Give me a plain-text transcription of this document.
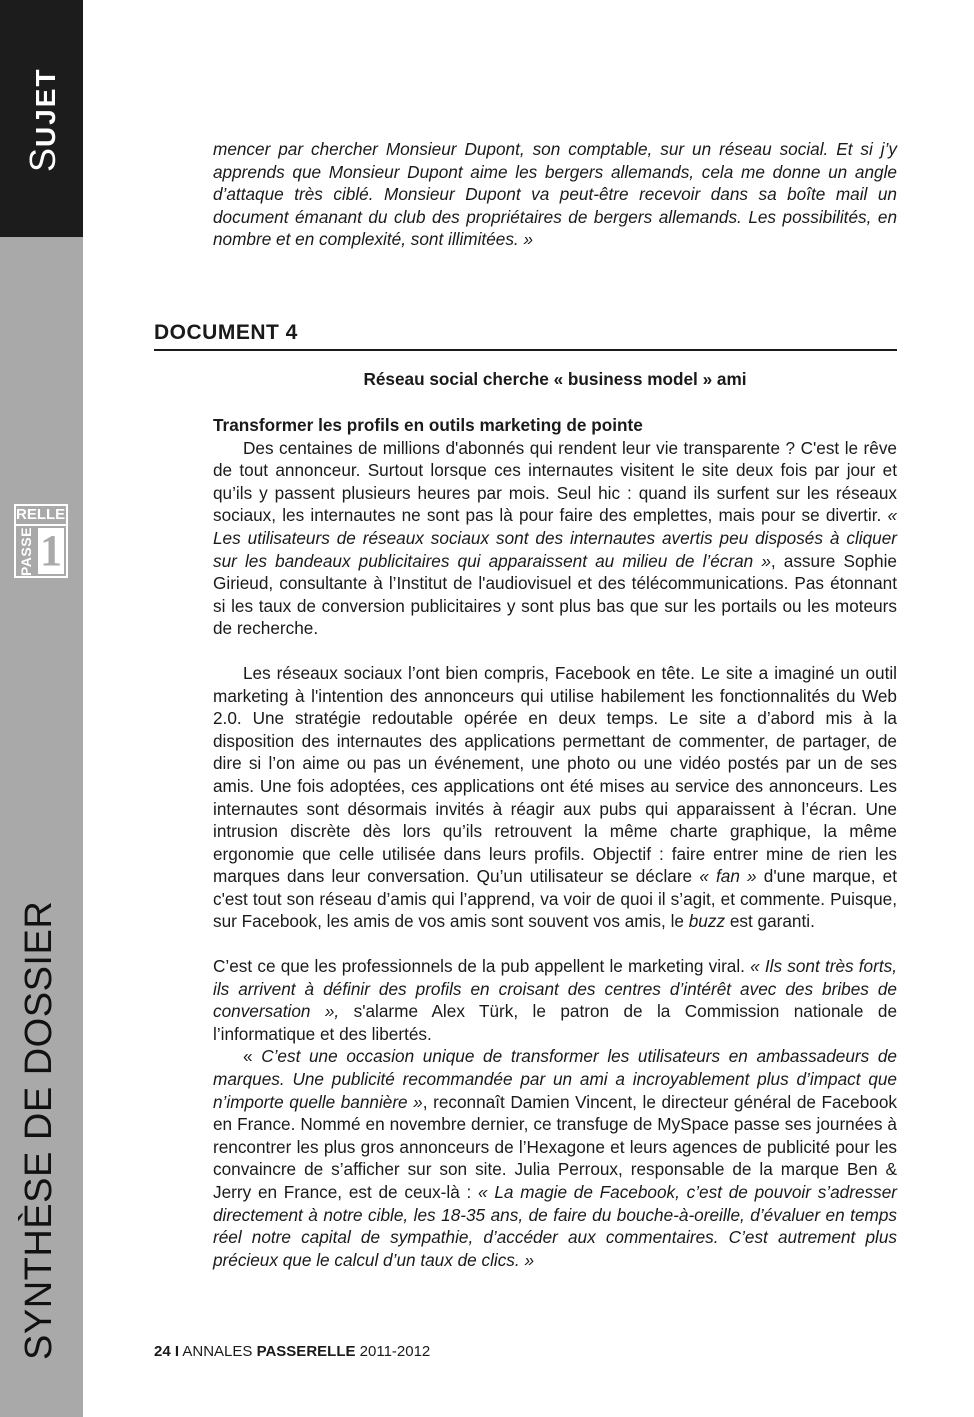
SUJET
RELLE
PASSE 1
SYNTHÈSE DE DOSSIER

mencer par chercher Monsieur Dupont, son comptable, sur un réseau social. Et si j’y apprends que Monsieur Dupont aime les bergers allemands, cela me donne un angle d’attaque très ciblé. Monsieur Dupont va peut-être recevoir dans sa boîte mail un document émanant du club des propriétaires de bergers allemands. Les possibilités, en nombre et en complexité, sont illimitées. »

DOCUMENT 4
Réseau social cherche « business model » ami

Transformer les profils en outils marketing de pointe

Des centaines de millions d'abonnés qui rendent leur vie transparente ? C'est le rêve de tout annonceur. Surtout lorsque ces internautes visitent le site deux fois par jour et qu’ils y passent plusieurs heures par mois. Seul hic : quand ils surfent sur les réseaux sociaux, les internautes ne sont pas là pour faire des emplettes, mais pour se divertir. « Les utilisateurs de réseaux sociaux sont des internautes avertis peu disposés à cliquer sur les bandeaux publicitaires qui apparaissent au milieu de l’écran », assure Sophie Girieud, consultante à l’Institut de l'audiovisuel et des télécommunications. Pas étonnant si les taux de conversion publicitaires y sont plus bas que sur les portails ou les moteurs de recherche.

Les réseaux sociaux l’ont bien compris, Facebook en tête. Le site a imaginé un outil marketing à l'intention des annonceurs qui utilise habilement les fonctionnalités du Web 2.0. Une stratégie redoutable opérée en deux temps. Le site a d’abord mis à la disposition des internautes des applications permettant de commenter, de partager, de dire si l’on aime ou pas un événement, une photo ou une vidéo postés par un de ses amis. Une fois adoptées, ces applications ont été mises au service des annonceurs. Les internautes sont désormais invités à réagir aux pubs qui apparaissent à l’écran. Une intrusion discrète dès lors qu’ils retrouvent la même charte graphique, la même ergonomie que celle utilisée dans leurs profils. Objectif : faire entrer mine de rien les marques dans leur conversation. Qu’un utilisateur se déclare « fan » d'une marque, et c'est tout son réseau d’amis qui l’apprend, va voir de quoi il s’agit, et commente. Puisque, sur Facebook, les amis de vos amis sont souvent vos amis, le buzz est garanti.

C’est ce que les professionnels de la pub appellent le marketing viral. « Ils sont très forts, ils arrivent à définir des profils en croisant des centres d’intérêt avec des bribes de conversation », s'alarme Alex Türk, le patron de la Commission nationale de l’informatique et des libertés.

« C’est une occasion unique de transformer les utilisateurs en ambassadeurs de marques. Une publicité recommandée par un ami a incroyablement plus d’impact que n’importe quelle bannière », reconnaît Damien Vincent, le directeur général de Facebook en France. Nommé en novembre dernier, ce transfuge de MySpace passe ses journées à rencontrer les plus gros annonceurs de l’Hexagone et leurs agences de publicité pour les convaincre de s’afficher sur son site. Julia Perroux, responsable de la marque Ben & Jerry en France, est de ceux-là : « La magie de Facebook, c’est de pouvoir s’adresser directement à notre cible, les 18-35 ans, de faire du bouche-à-oreille, d’évaluer en temps réel notre capital de sympathie, d’accéder aux commentaires. C’est autrement plus précieux que le calcul d’un taux de clics. »

24 I ANNALES PASSERELLE 2011-2012
